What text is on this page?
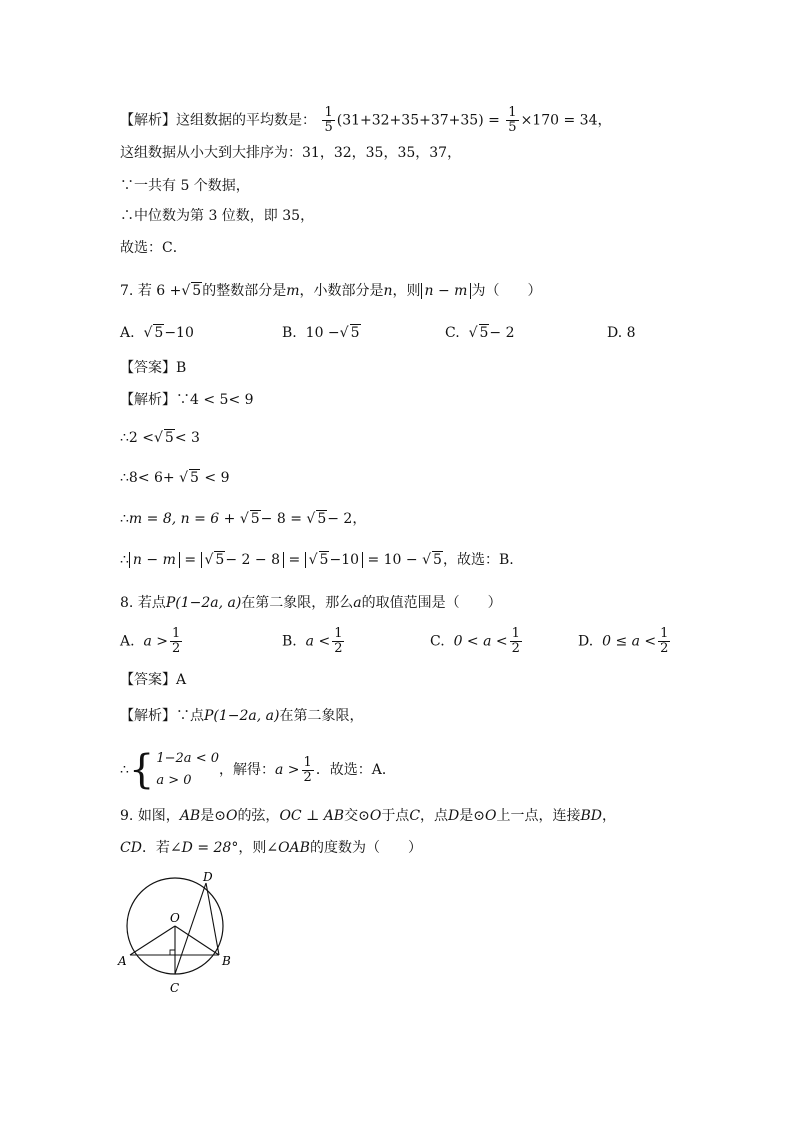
【解析】这组数据的平均数是： $\frac{1}{5} (31+32+35+37+35) = \frac{1}{5} \times 170 = 34$，
这组数据从小大到大排序为：31，32，35，35，37，
∵一共有 5 个数据，
∴中位数为第 3 位数，即 35，
故选：C．
7. 若 6 +√ 5的整数部分是m，小数部分是n，则 n − m 为（　　）
A. √ 5−10	B. 10 −√ 5	C. √ 5− 2	D. 8
【答案】B
【解析】∵4 < 5< 9
∴2 <√ 5< 3
∴8< 6+ √ 5 < 9
∴m = 8, n = 6 + √ 5− 8 = √ 5− 2，
∴ n − m = √ 5− 2 − 8 = √ 5−10 = 10 − √ 5，故选：B.
8. 若点P(1−2a, a)在第二象限，那么a的取值范围是（　　）
A. $a > \frac{1}{2}$	B. $a < \frac{1}{2}$	C. $0 < a < \frac{1}{2}$	D. $0 \le a < \frac{1}{2}$
【答案】A
【解析】∵点P(1−2a, a)在第二象限，
∴ { 1−2a < 0
a > 0
，解得：$a > \frac{1}{2}$ ．故选：A．
9. 如图，AB是⊙O的弦，OC ⊥ AB交⊙O于点C，点D是⊙O上一点，连接BD，
CD．若∠D = 28°，则∠OAB的度数为（　　）
D
O
A	B
C
